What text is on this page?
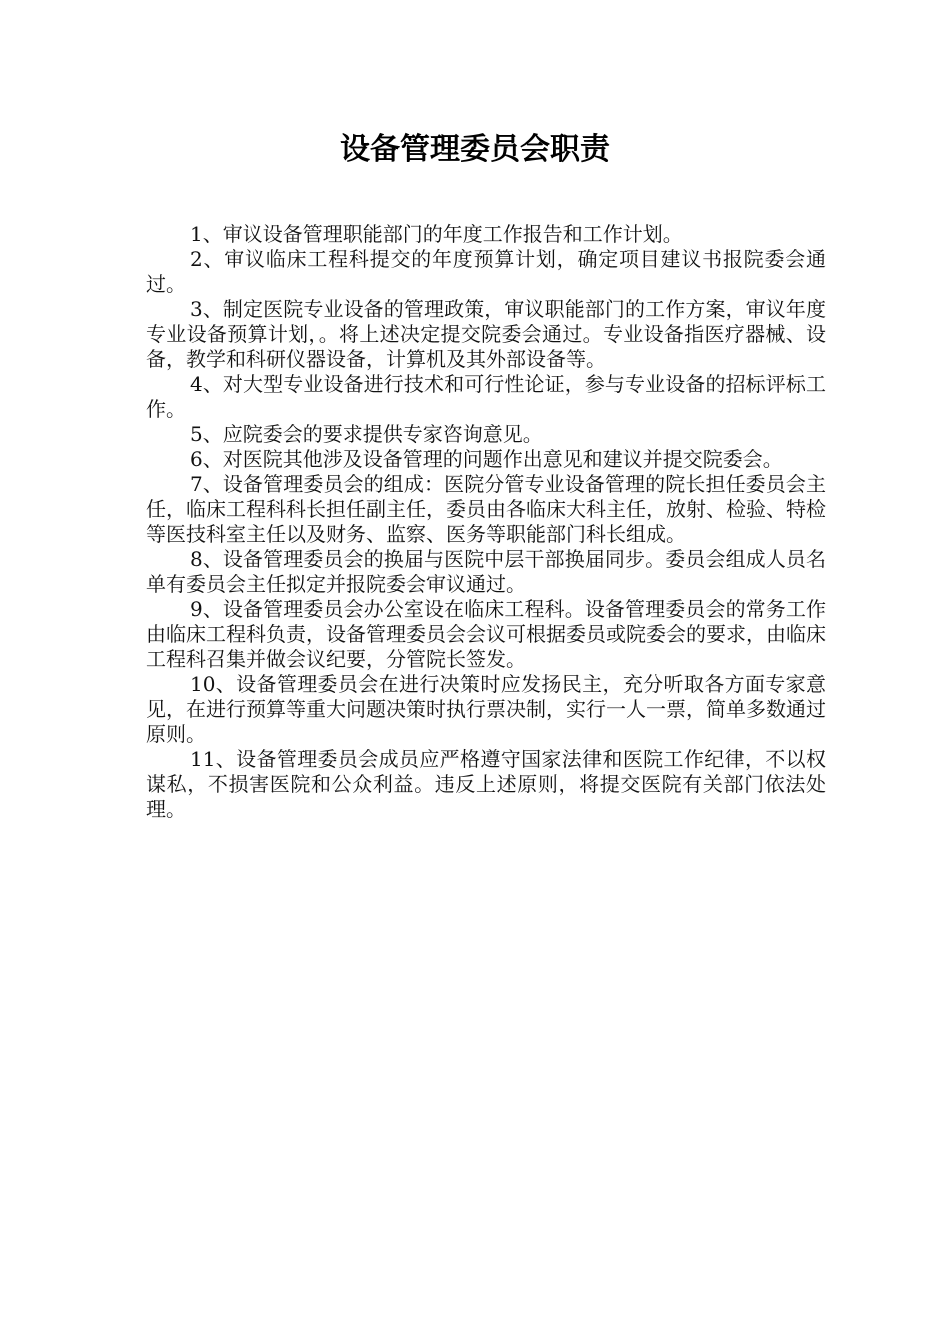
设备管理委员会职责

1、审议设备管理职能部门的年度工作报告和工作计划。

2、审议临床工程科提交的年度预算计划，确定项目建议书报院委会通过。

3、制定医院专业设备的管理政策，审议职能部门的工作方案，审议年度专业设备预算计划，。将上述决定提交院委会通过。专业设备指医疗器械、设备，教学和科研仪器设备，计算机及其外部设备等。

4、对大型专业设备进行技术和可行性论证，参与专业设备的招标评标工作。

5、应院委会的要求提供专家咨询意见。

6、对医院其他涉及设备管理的问题作出意见和建议并提交院委会。

7、设备管理委员会的组成：医院分管专业设备管理的院长担任委员会主任，临床工程科科长担任副主任，委员由各临床大科主任，放射、检验、特检等医技科室主任以及财务、监察、医务等职能部门科长组成。

8、设备管理委员会的换届与医院中层干部换届同步。委员会组成人员名单有委员会主任拟定并报院委会审议通过。

9、设备管理委员会办公室设在临床工程科。设备管理委员会的常务工作由临床工程科负责，设备管理委员会会议可根据委员或院委会的要求，由临床工程科召集并做会议纪要，分管院长签发。

10、设备管理委员会在进行决策时应发扬民主，充分听取各方面专家意见，在进行预算等重大问题决策时执行票决制，实行一人一票，简单多数通过原则。

11、设备管理委员会成员应严格遵守国家法律和医院工作纪律，不以权谋私，不损害医院和公众利益。违反上述原则，将提交医院有关部门依法处理。
